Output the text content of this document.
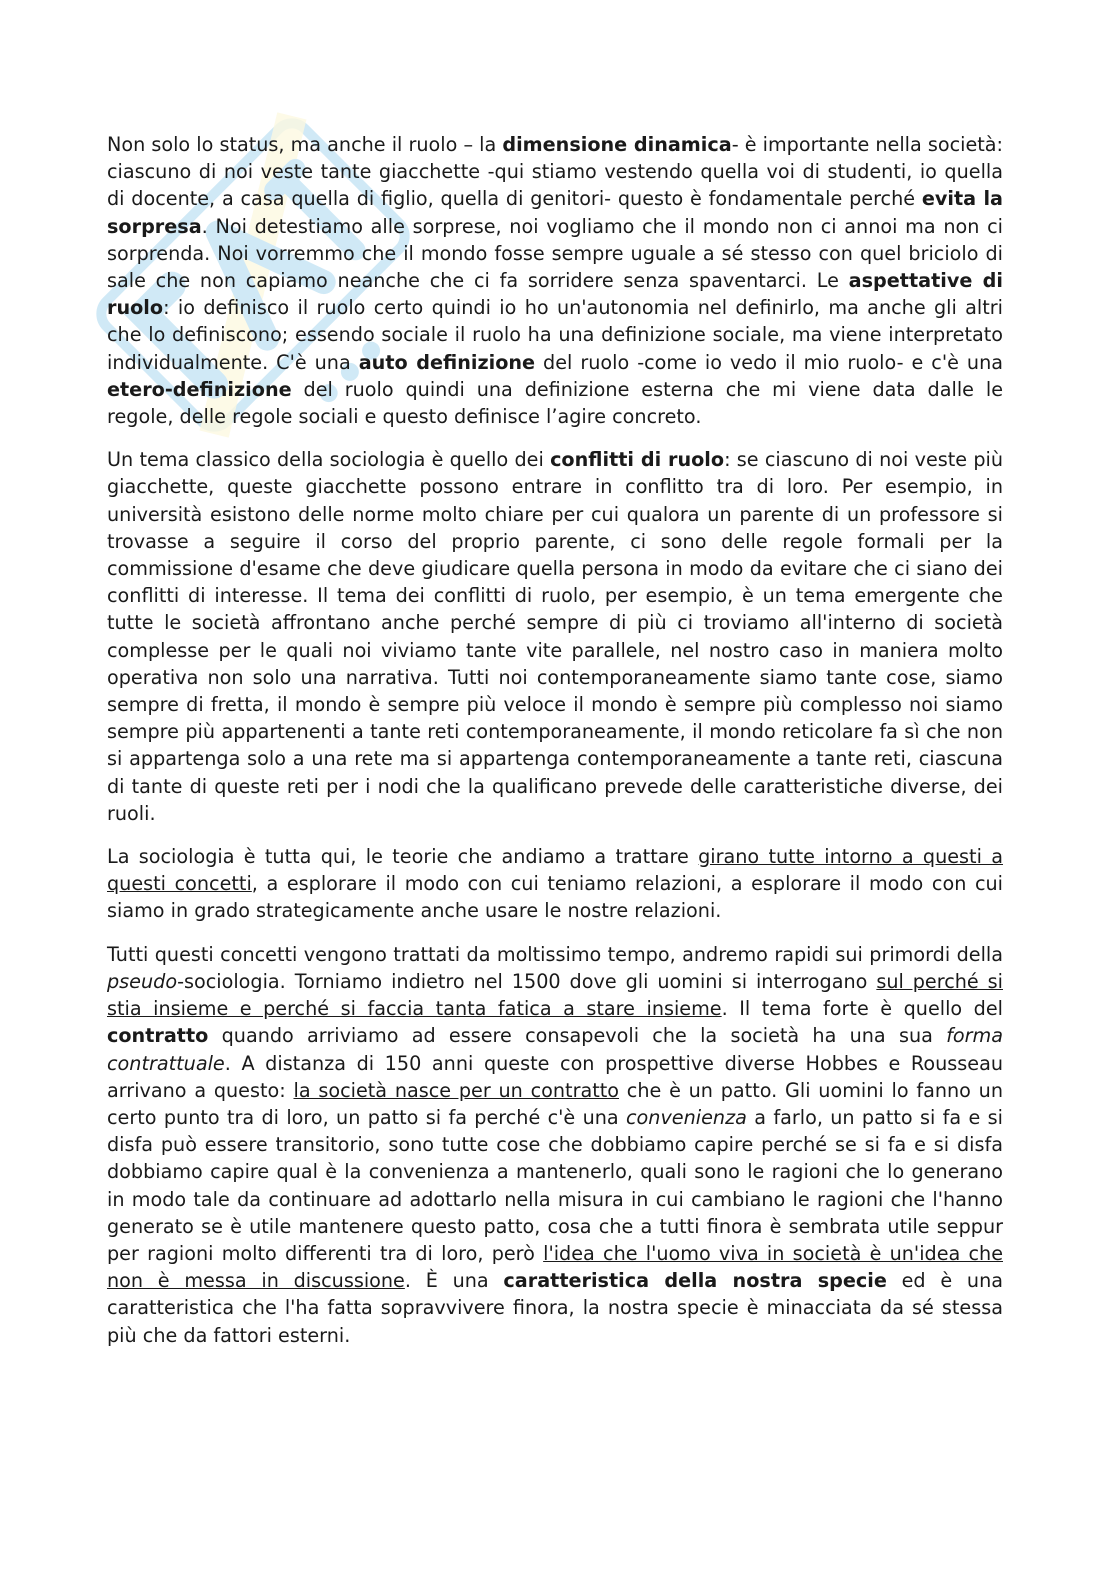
Non solo lo status, ma anche il ruolo – la dimensione dinamica- è importante nella società: ciascuno di noi veste tante giacchette -qui stiamo vestendo quella voi di studenti, io quella di docente, a casa quella di figlio, quella di genitori- questo è fondamentale perché evita la sorpresa. Noi detestiamo alle sorprese, noi vogliamo che il mondo non ci annoi ma non ci sorprenda. Noi vorremmo che il mondo fosse sempre uguale a sé stesso con quel briciolo di sale che non capiamo neanche che ci fa sorridere senza spaventarci. Le aspettative di ruolo: io definisco il ruolo certo quindi io ho un'autonomia nel definirlo, ma anche gli altri che lo definiscono; essendo sociale il ruolo ha una definizione sociale, ma viene interpretato individualmente. C'è una auto definizione del ruolo -come io vedo il mio ruolo- e c'è una etero-definizione del ruolo quindi una definizione esterna che mi viene data dalle le regole, delle regole sociali e questo definisce l’agire concreto.

Un tema classico della sociologia è quello dei conflitti di ruolo: se ciascuno di noi veste più giacchette, queste giacchette possono entrare in conflitto tra di loro. Per esempio, in università esistono delle norme molto chiare per cui qualora un parente di un professore si trovasse a seguire il corso del proprio parente, ci sono delle regole formali per la commissione d'esame che deve giudicare quella persona in modo da evitare che ci siano dei conflitti di interesse. Il tema dei conflitti di ruolo, per esempio, è un tema emergente che tutte le società affrontano anche perché sempre di più ci troviamo all'interno di società complesse per le quali noi viviamo tante vite parallele, nel nostro caso in maniera molto operativa non solo una narrativa. Tutti noi contemporaneamente siamo tante cose, siamo sempre di fretta, il mondo è sempre più veloce il mondo è sempre più complesso noi siamo sempre più appartenenti a tante reti contemporaneamente, il mondo reticolare fa sì che non si appartenga solo a una rete ma si appartenga contemporaneamente a tante reti, ciascuna di tante di queste reti per i nodi che la qualificano prevede delle caratteristiche diverse, dei ruoli.

La sociologia è tutta qui, le teorie che andiamo a trattare girano tutte intorno a questi a questi concetti, a esplorare il modo con cui teniamo relazioni, a esplorare il modo con cui siamo in grado strategicamente anche usare le nostre relazioni.

Tutti questi concetti vengono trattati da moltissimo tempo, andremo rapidi sui primordi della pseudo-sociologia. Torniamo indietro nel 1500 dove gli uomini si interrogano sul perché si stia insieme e perché si faccia tanta fatica a stare insieme. Il tema forte è quello del contratto quando arriviamo ad essere consapevoli che la società ha una sua forma contrattuale. A distanza di 150 anni queste con prospettive diverse Hobbes e Rousseau arrivano a questo: la società nasce per un contratto che è un patto. Gli uomini lo fanno un certo punto tra di loro, un patto si fa perché c'è una convenienza a farlo, un patto si fa e si disfa può essere transitorio, sono tutte cose che dobbiamo capire perché se si fa e si disfa dobbiamo capire qual è la convenienza a mantenerlo, quali sono le ragioni che lo generano in modo tale da continuare ad adottarlo nella misura in cui cambiano le ragioni che l'hanno generato se è utile mantenere questo patto, cosa che a tutti finora è sembrata utile seppur per ragioni molto differenti tra di loro, però l'idea che l'uomo viva in società è un'idea che non è messa in discussione. È una caratteristica della nostra specie ed è una caratteristica che l'ha fatta sopravvivere finora, la nostra specie è minacciata da sé stessa più che da fattori esterni.
